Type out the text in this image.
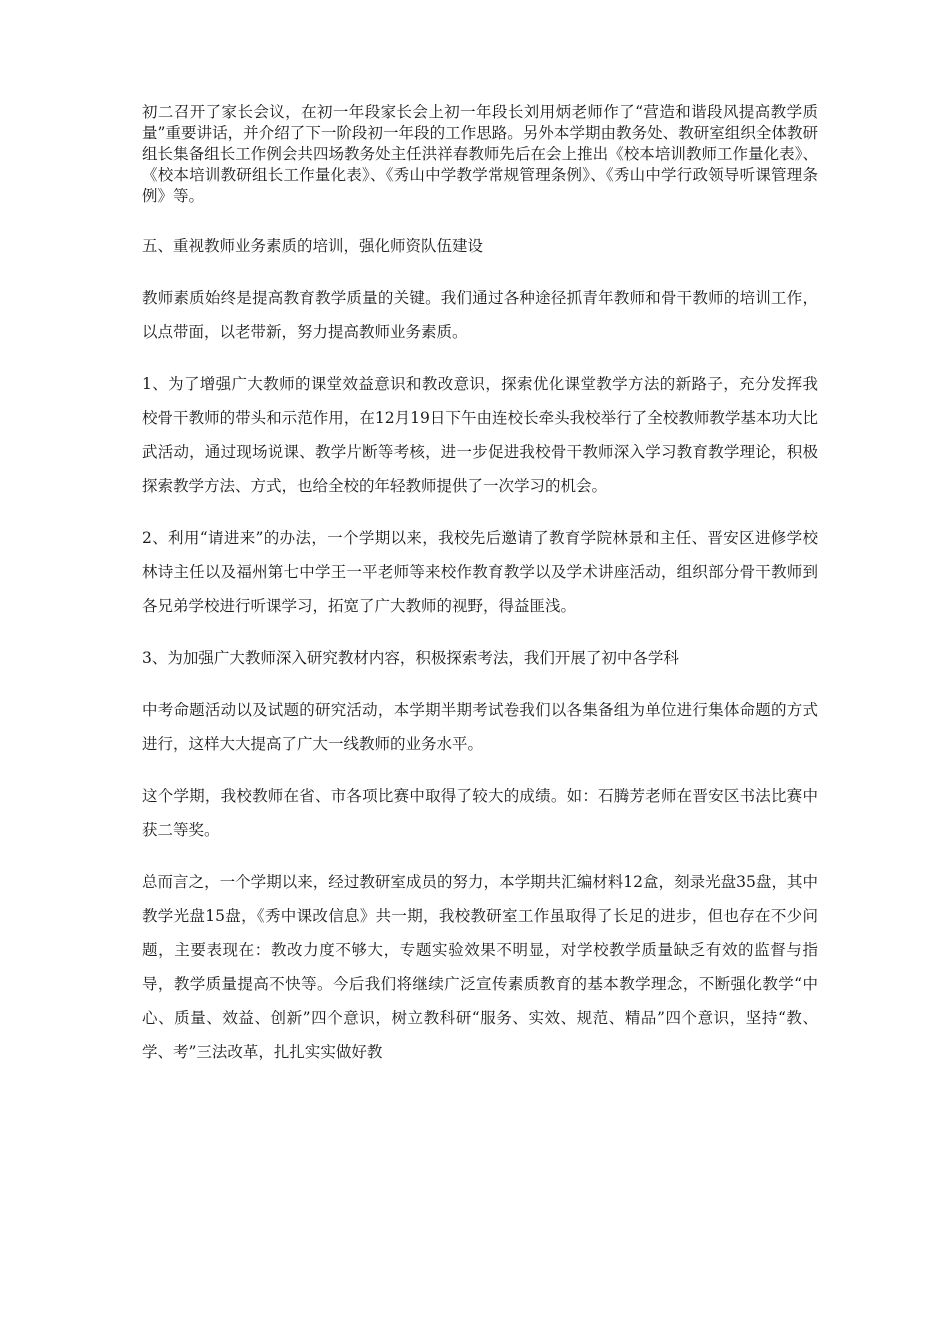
初二召开了家长会议，在初一年段家长会上初一年段长刘用炳老师作了“营造和谐段风提高教学质量”重要讲话，并介绍了下一阶段初一年段的工作思路。另外本学期由教务处、教研室组织全体教研组长集备组长工作例会共四场教务处主任洪祥春教师先后在会上推出《校本培训教师工作量化表》、《校本培训教研组长工作量化表》、《秀山中学教学常规管理条例》、《秀山中学行政领导听课管理条例》等。

五、重视教师业务素质的培训，强化师资队伍建设

教师素质始终是提高教育教学质量的关键。我们通过各种途径抓青年教师和骨干教师的培训工作，以点带面，以老带新，努力提高教师业务素质。

1、为了增强广大教师的课堂效益意识和教改意识，探索优化课堂教学方法的新路子，充分发挥我校骨干教师的带头和示范作用，在12月19日下午由连校长牵头我校举行了全校教师教学基本功大比武活动，通过现场说课、教学片断等考核，进一步促进我校骨干教师深入学习教育教学理论，积极探索教学方法、方式，也给全校的年轻教师提供了一次学习的机会。

2、利用“请进来”的办法，一个学期以来，我校先后邀请了教育学院林景和主任、晋安区进修学校林诗主任以及福州第七中学王一平老师等来校作教育教学以及学术讲座活动，组织部分骨干教师到各兄弟学校进行听课学习，拓宽了广大教师的视野，得益匪浅。

3、为加强广大教师深入研究教材内容，积极探索考法，我们开展了初中各学科

中考命题活动以及试题的研究活动，本学期半期考试卷我们以各集备组为单位进行集体命题的方式进行，这样大大提高了广大一线教师的业务水平。

这个学期，我校教师在省、市各项比赛中取得了较大的成绩。如：石腾芳老师在晋安区书法比赛中获二等奖。

总而言之，一个学期以来，经过教研室成员的努力，本学期共汇编材料12盒，刻录光盘35盘，其中教学光盘15盘，《秀中课改信息》共一期，我校教研室工作虽取得了长足的进步，但也存在不少问题，主要表现在：教改力度不够大，专题实验效果不明显，对学校教学质量缺乏有效的监督与指导，教学质量提高不快等。今后我们将继续广泛宣传素质教育的基本教学理念，不断强化教学“中心、质量、效益、创新”四个意识，树立教科研“服务、实效、规范、精品”四个意识，坚持“教、学、考”三法改革，扎扎实实做好教
